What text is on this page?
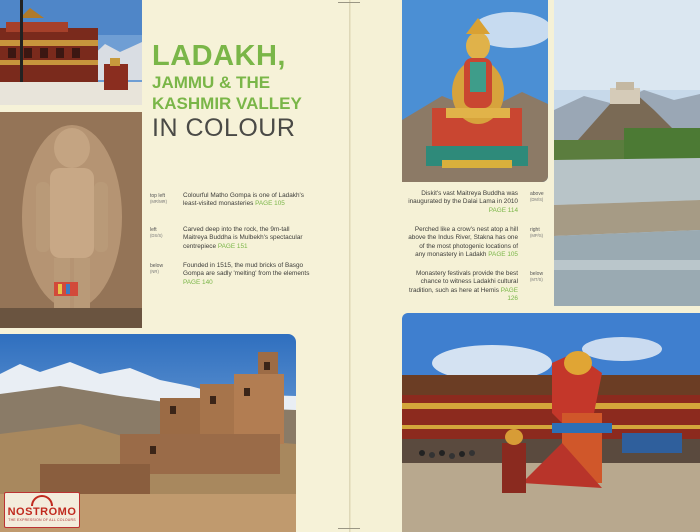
LADAKH,
JAMMU & THE
KASHMIR VALLEY
IN COLOUR
top left
(MR/MR)
Colourful Matho Gompa is one of Ladakh's least-visited monasteries PAGE 105
left
(DS/S)
Carved deep into the rock, the 9m-tall Maitreya Buddha is Mulbekh's spectacular centrepiece PAGE 151
below
(NR)
Founded in 1515, the mud bricks of Basgo Gompa are sadly 'melting' from the elements PAGE 140
NOSTROMO
THE EXPRESSION OF ALL COLOURS
above
(DM/S)
Diskit's vast Maitreya Buddha was inaugurated by the Dalai Lama in 2010 PAGE 114
right
(MP/S)
Perched like a crow's nest atop a hill above the Indus River, Stakna has one of the most photogenic locations of any monastery in Ladakh PAGE 105
below
(MT/S)
Monastery festivals provide the best chance to witness Ladakhi cultural tradition, such as here at Hemis PAGE 126
